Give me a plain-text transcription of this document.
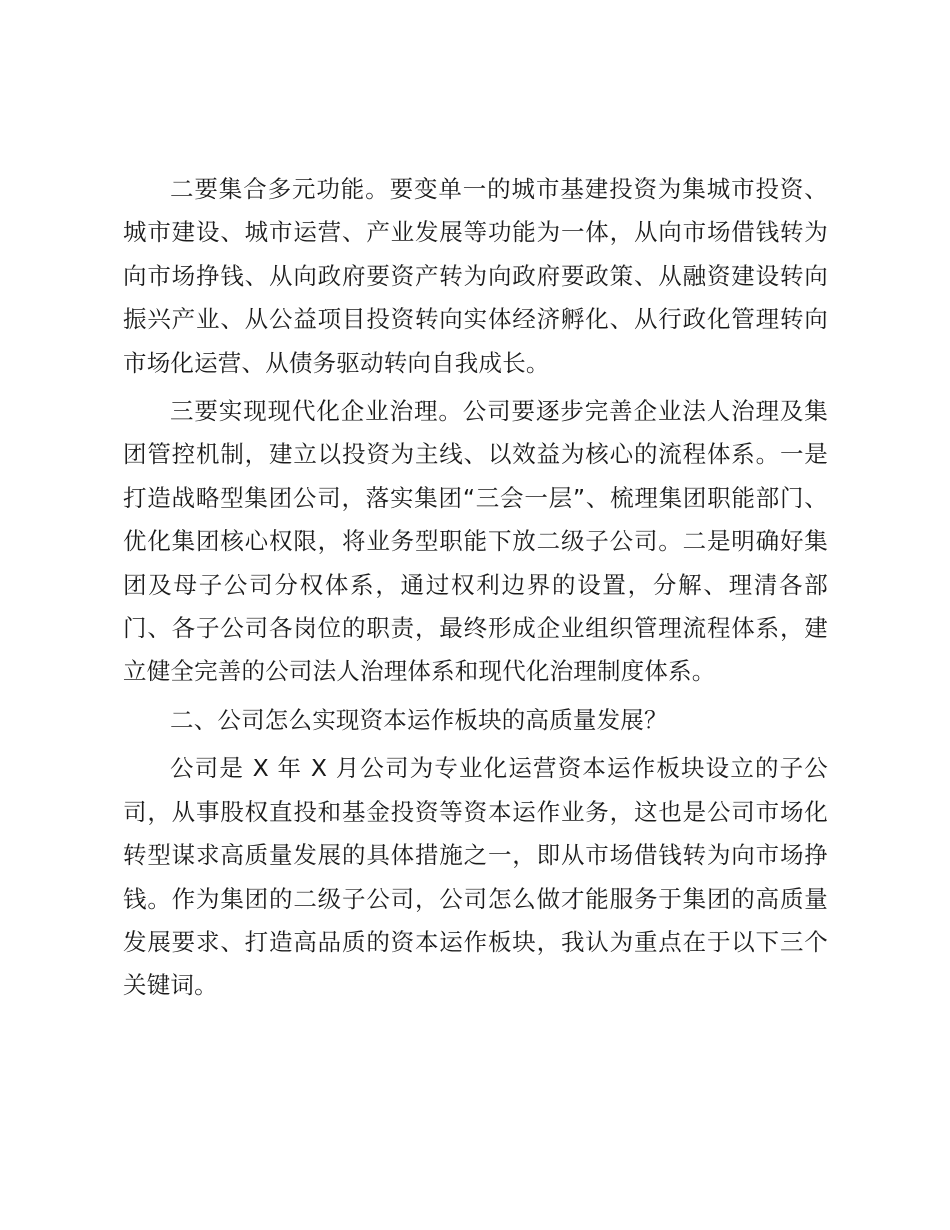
二要集合多元功能。要变单一的城市基建投资为集城市投资、城市建设、城市运营、产业发展等功能为一体，从向市场借钱转为向市场挣钱、从向政府要资产转为向政府要政策、从融资建设转向振兴产业、从公益项目投资转向实体经济孵化、从行政化管理转向市场化运营、从债务驱动转向自我成长。

三要实现现代化企业治理。公司要逐步完善企业法人治理及集团管控机制，建立以投资为主线、以效益为核心的流程体系。一是打造战略型集团公司，落实集团“三会一层”、梳理集团职能部门、优化集团核心权限，将业务型职能下放二级子公司。二是明确好集团及母子公司分权体系，通过权利边界的设置，分解、理清各部门、各子公司各岗位的职责，最终形成企业组织管理流程体系，建立健全完善的公司法人治理体系和现代化治理制度体系。

二、公司怎么实现资本运作板块的高质量发展？

公司是 X 年 X 月公司为专业化运营资本运作板块设立的子公司，从事股权直投和基金投资等资本运作业务，这也是公司市场化转型谋求高质量发展的具体措施之一，即从市场借钱转为向市场挣钱。作为集团的二级子公司，公司怎么做才能服务于集团的高质量发展要求、打造高品质的资本运作板块，我认为重点在于以下三个关键词。
